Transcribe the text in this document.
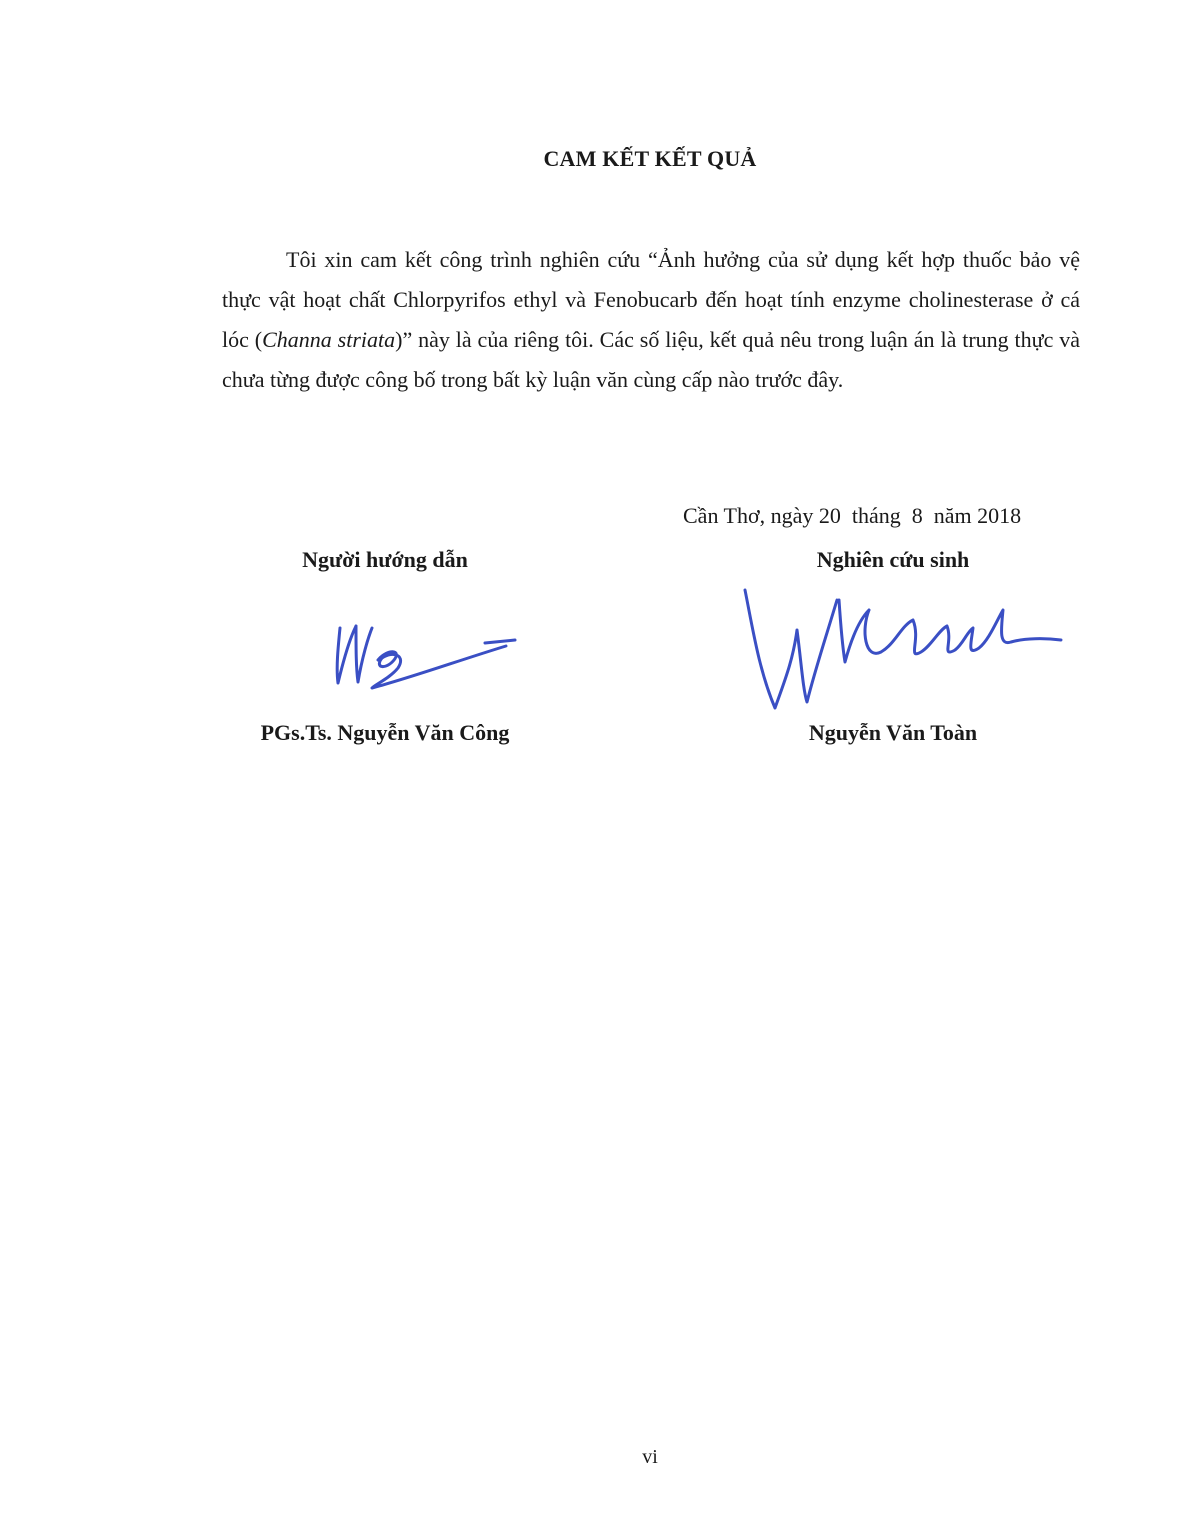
CAM KẾT KẾT QUẢ

Tôi xin cam kết công trình nghiên cứu “Ảnh hưởng của sử dụng kết hợp thuốc bảo vệ thực vật hoạt chất Chlorpyrifos ethyl và Fenobucarb đến hoạt tính enzyme cholinesterase ở cá lóc (Channa striata)” này là của riêng tôi. Các số liệu, kết quả nêu trong luận án là trung thực và chưa từng được công bố trong bất kỳ luận văn cùng cấp nào trước đây.

Cần Thơ, ngày 20  tháng  8  năm 2018
Người hướng dẫn	Nghiên cứu sinh
PGs.Ts. Nguyễn Văn Công	Nguyễn Văn Toàn
vi
